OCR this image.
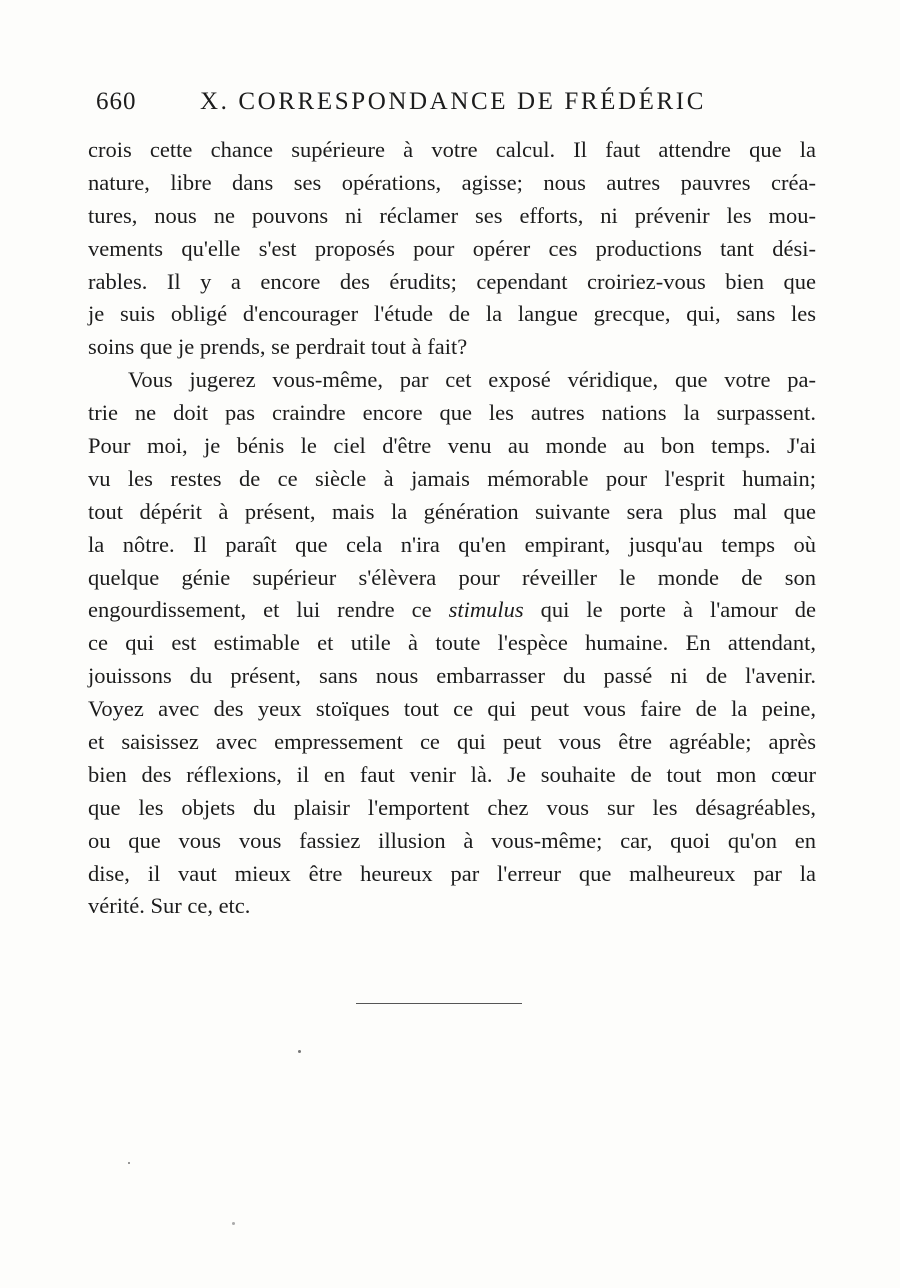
660	X. CORRESPONDANCE DE FRÉDÉRIC
crois cette chance supérieure à votre calcul. Il faut attendre que la
nature, libre dans ses opérations, agisse; nous autres pauvres créa-
tures, nous ne pouvons ni réclamer ses efforts, ni prévenir les mou-
vements qu'elle s'est proposés pour opérer ces productions tant dési-
rables. Il y a encore des érudits; cependant croiriez-vous bien que
je suis obligé d'encourager l'étude de la langue grecque, qui, sans les
soins que je prends, se perdrait tout à fait?
Vous jugerez vous-même, par cet exposé véridique, que votre pa-
trie ne doit pas craindre encore que les autres nations la surpassent.
Pour moi, je bénis le ciel d'être venu au monde au bon temps. J'ai
vu les restes de ce siècle à jamais mémorable pour l'esprit humain;
tout dépérit à présent, mais la génération suivante sera plus mal que
la nôtre. Il paraît que cela n'ira qu'en empirant, jusqu'au temps où
quelque génie supérieur s'élèvera pour réveiller le monde de son
engourdissement, et lui rendre ce stimulus qui le porte à l'amour de
ce qui est estimable et utile à toute l'espèce humaine. En attendant,
jouissons du présent, sans nous embarrasser du passé ni de l'avenir.
Voyez avec des yeux stoïques tout ce qui peut vous faire de la peine,
et saisissez avec empressement ce qui peut vous être agréable; après
bien des réflexions, il en faut venir là. Je souhaite de tout mon cœur
que les objets du plaisir l'emportent chez vous sur les désagréables,
ou que vous vous fassiez illusion à vous-même; car, quoi qu'on en
dise, il vaut mieux être heureux par l'erreur que malheureux par la
vérité. Sur ce, etc.
